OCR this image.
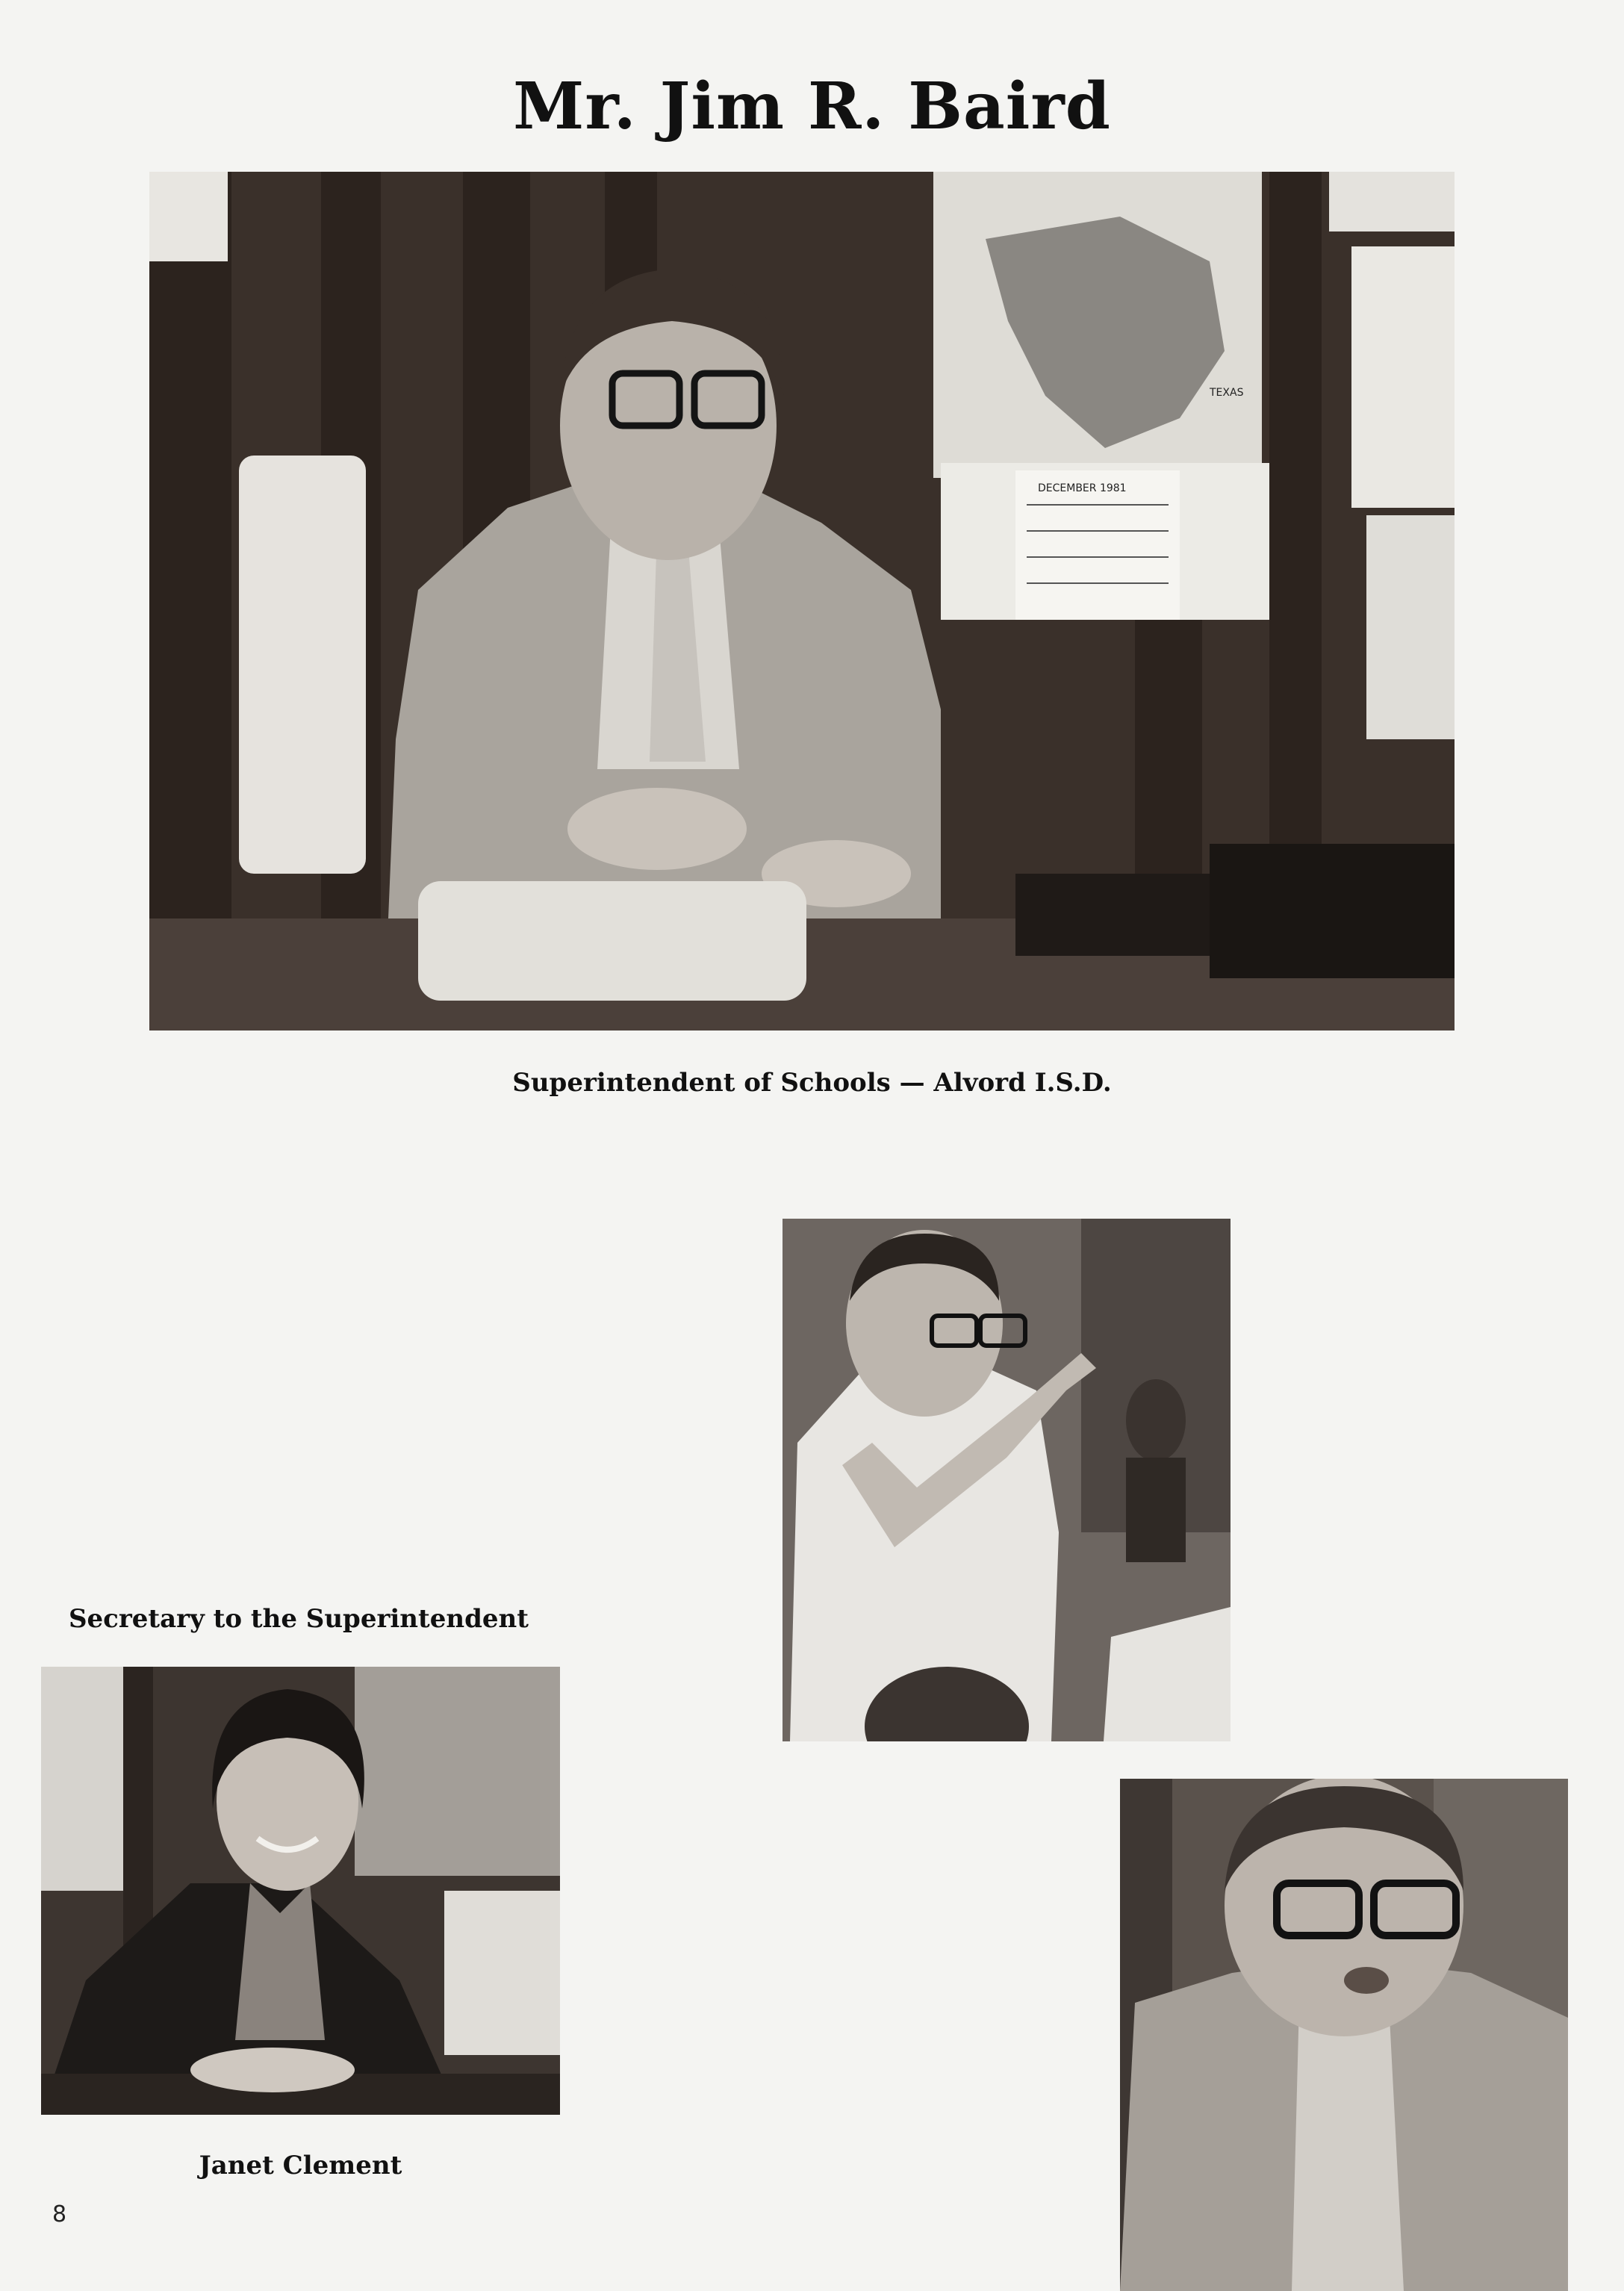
Mr. Jim R. Baird
TEXAS
DECEMBER 1981
Superintendent of Schools — Alvord I.S.D.
Secretary to the Superintendent
Janet Clement
8
